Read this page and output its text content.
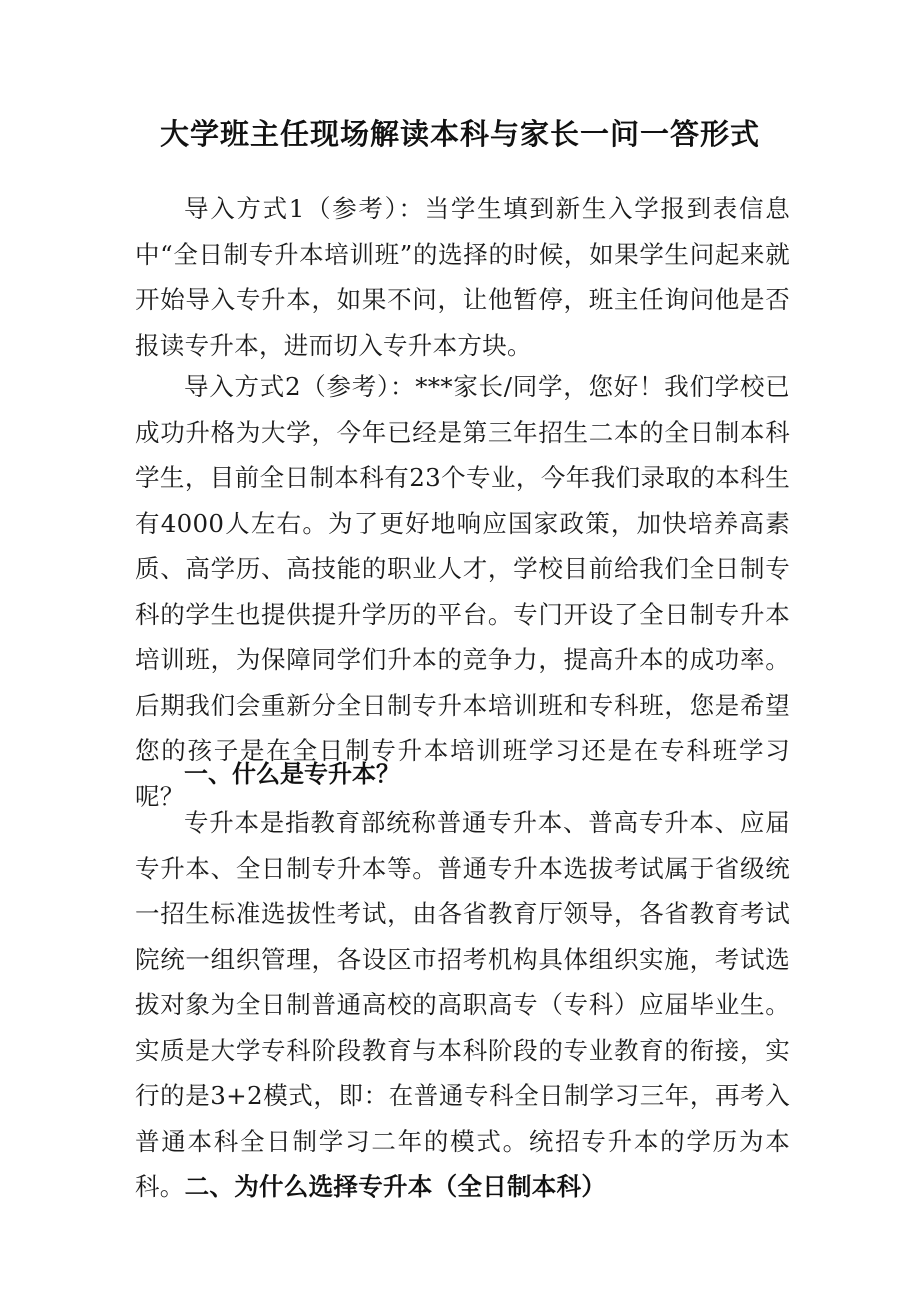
大学班主任现场解读本科与家长一问一答形式

导入方式1（参考）：当学生填到新生入学报到表信息中“全日制专升本培训班”的选择的时候，如果学生问起来就开始导入专升本，如果不问，让他暂停，班主任询问他是否报读专升本，进而切入专升本方块。

导入方式2（参考）：***家长/同学，您好！我们学校已成功升格为大学，今年已经是第三年招生二本的全日制本科学生，目前全日制本科有23个专业，今年我们录取的本科生有4000人左右。为了更好地响应国家政策，加快培养高素质、高学历、高技能的职业人才，学校目前给我们全日制专科的学生也提供提升学历的平台。专门开设了全日制专升本培训班，为保障同学们升本的竞争力，提高升本的成功率。后期我们会重新分全日制专升本培训班和专科班，您是希望您的孩子是在全日制专升本培训班学习还是在专科班学习呢？

一、什么是专升本？

专升本是指教育部统称普通专升本、普高专升本、应届专升本、全日制专升本等。普通专升本选拔考试属于省级统一招生标准选拔性考试，由各省教育厅领导，各省教育考试院统一组织管理，各设区市招考机构具体组织实施，考试选拔对象为全日制普通高校的高职高专（专科）应届毕业生。实质是大学专科阶段教育与本科阶段的专业教育的衔接，实行的是3+2模式，即：在普通专科全日制学习三年，再考入普通本科全日制学习二年的模式。统招专升本的学历为本科。二、为什么选择专升本（全日制本科）
